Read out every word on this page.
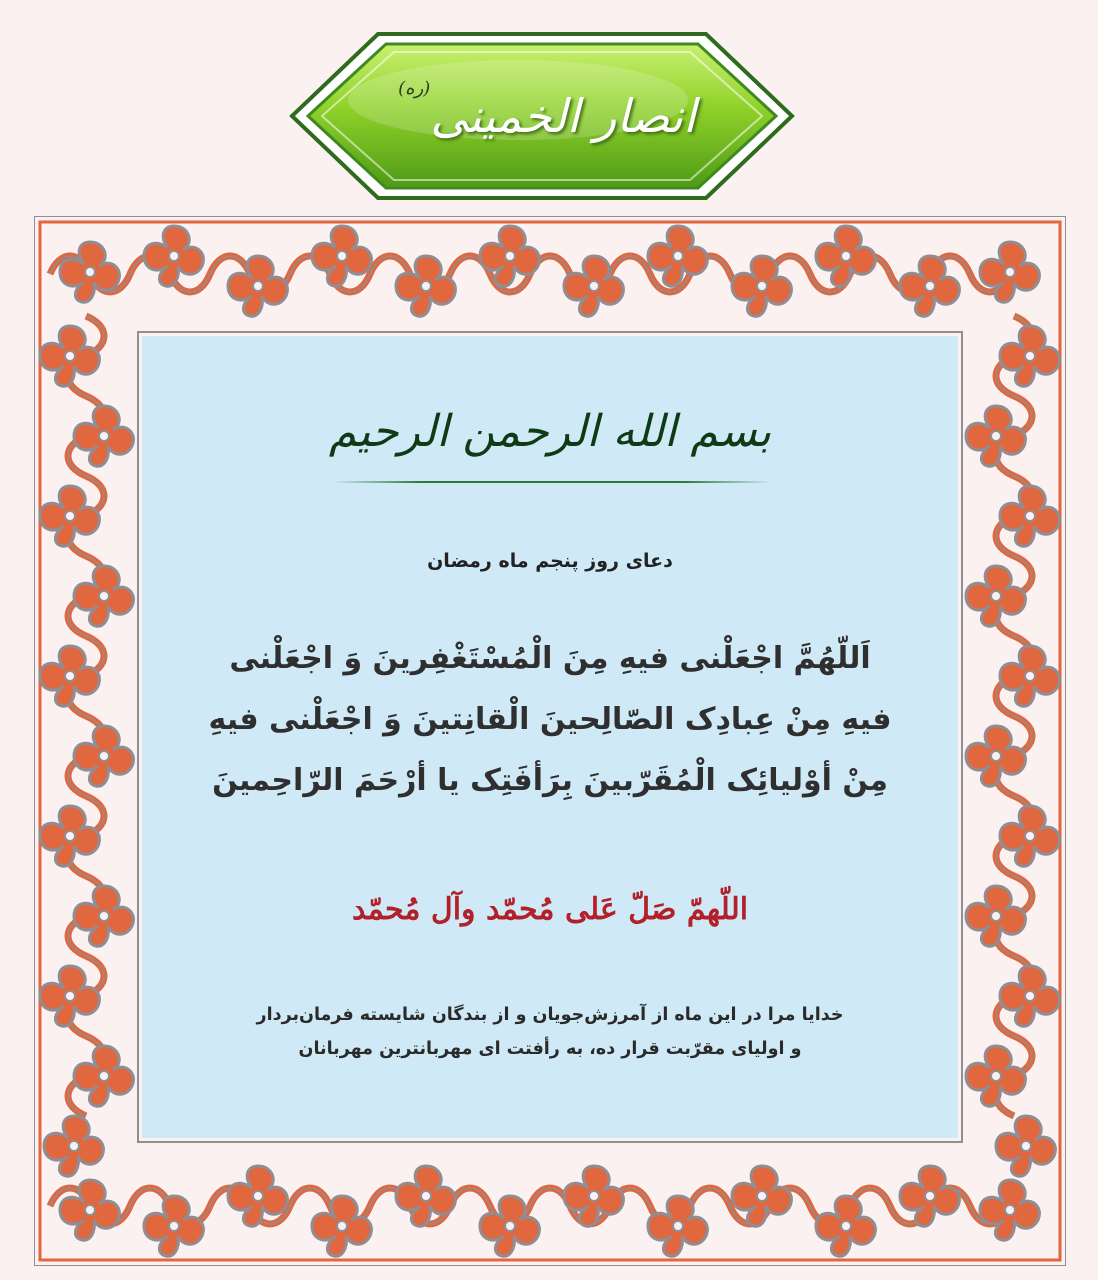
انصار الخمینی
(ره)
بسم الله الرحمن الرحیم
دعای روز پنجم ماه رمضان
اَللّهُمَّ اجْعَلْنی فیهِ مِنَ الْمُسْتَغْفِرینَ وَ اجْعَلْنی
فیهِ مِنْ عِبادِک الصّالِحینَ الْقانِتینَ وَ اجْعَلْنی فیهِ
مِنْ أوْلیائِک الْمُقَرّبینَ بِرَأفَتِک یا أرْحَمَ الرّاحِمینَ
اللّهمّ صَلّ عَلی مُحمّد وآل مُحمّد
خدایا مرا در این ماه از آمرزش‌جویان و از بندگان شایسته فرمان‌بردار
و اولیای مقرّبت قرار ده، به رأفتت ای مهربانترین مهربانان
